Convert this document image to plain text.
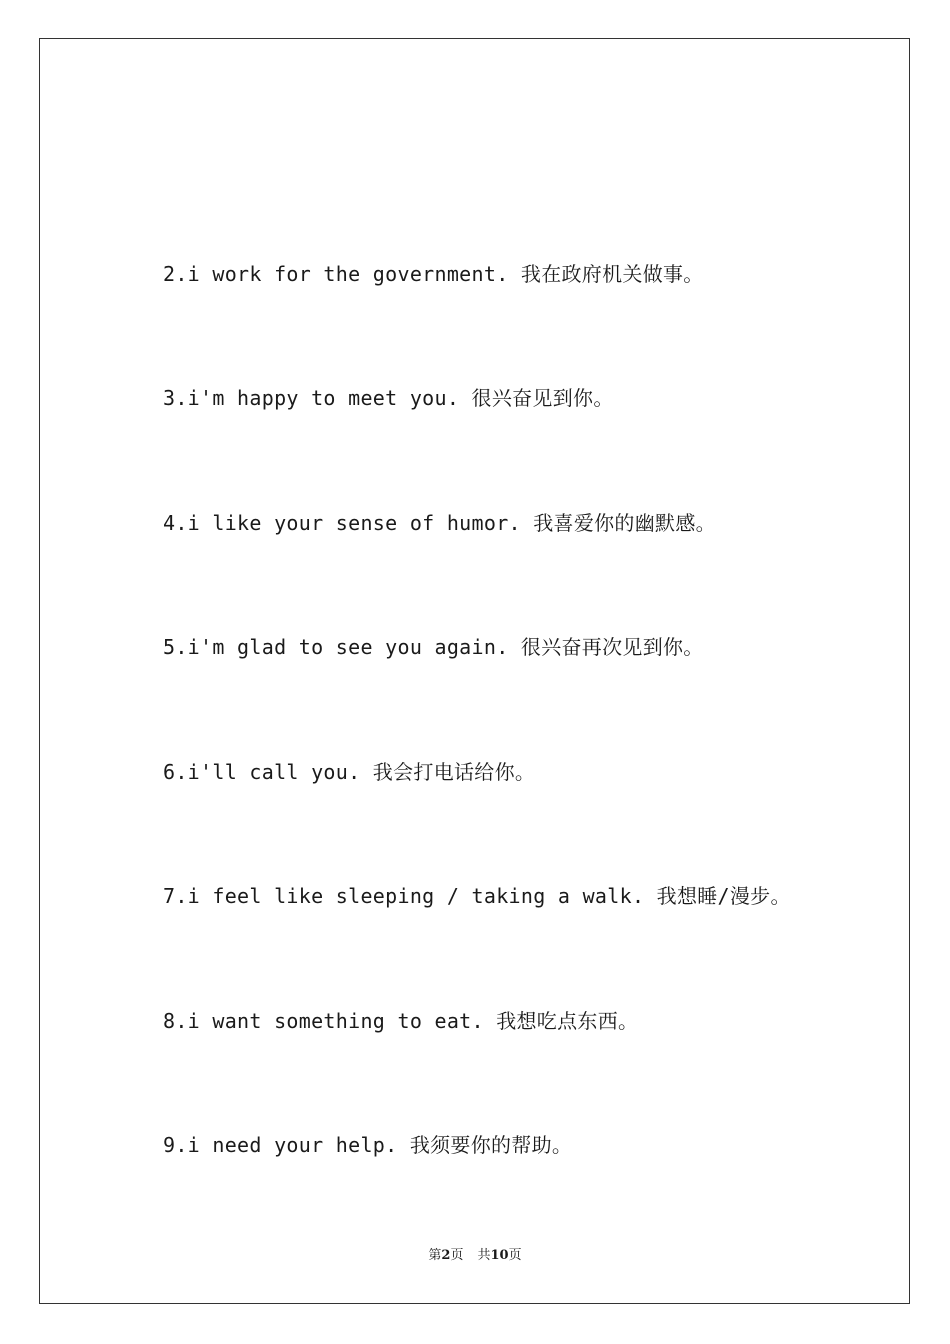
2.i work for the government. 我在政府机关做事。
3.i'm happy to meet you. 很兴奋见到你。
4.i like your sense of humor. 我喜爱你的幽默感。
5.i'm glad to see you again. 很兴奋再次见到你。
6.i'll call you. 我会打电话给你。
7.i feel like sleeping / taking a walk. 我想睡/漫步。
8.i want something to eat. 我想吃点东西。
9.i need your help. 我须要你的帮助。
第2页 共10页
